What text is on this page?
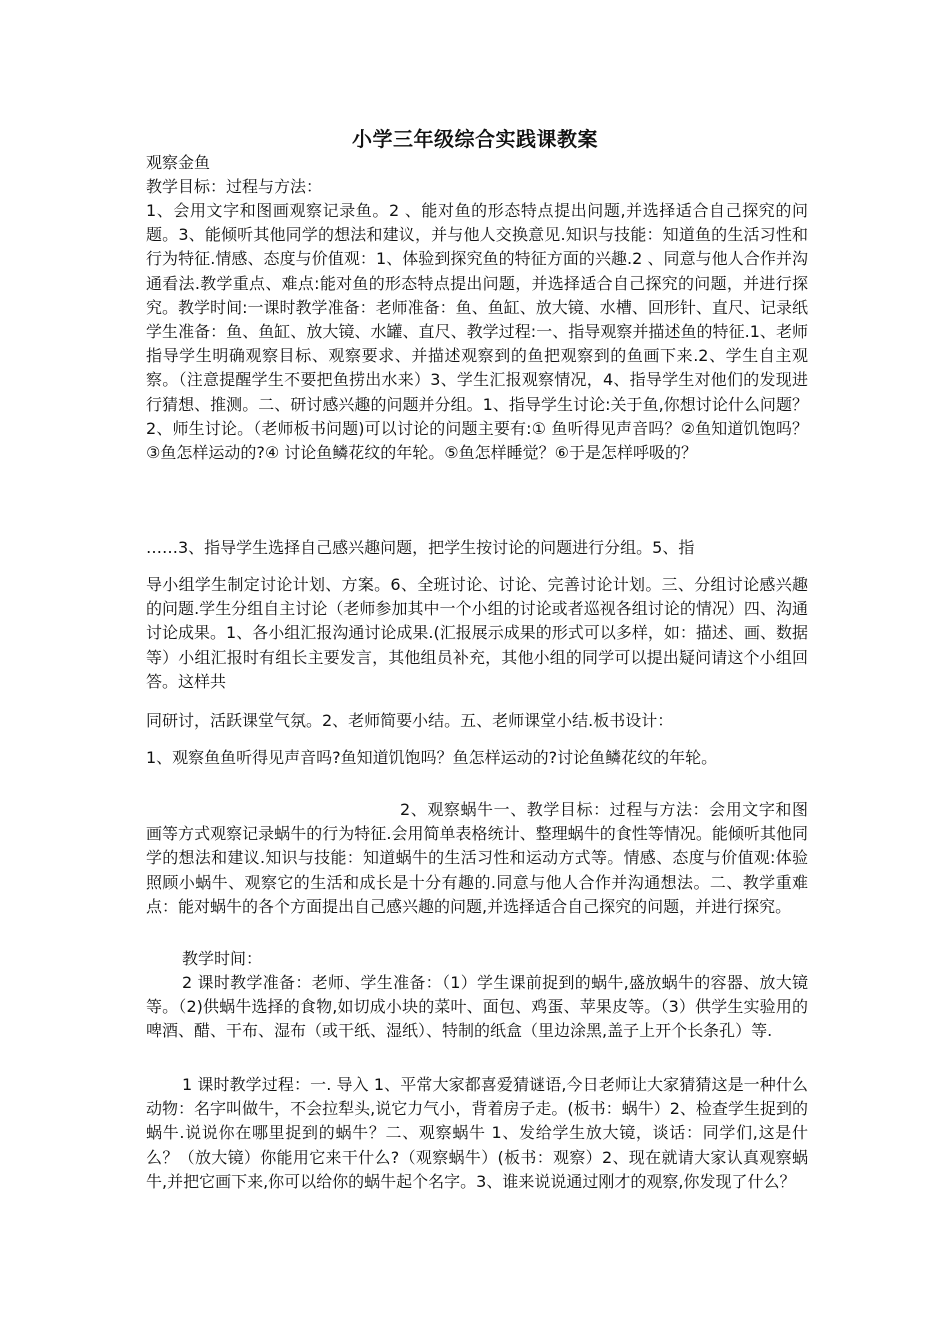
小学三年级综合实践课教案

观察金鱼

教学目标：过程与方法：

1、会用文字和图画观察记录鱼。2 、能对鱼的形态特点提出问题,并选择适合自己探究的问题。3、能倾听其他同学的想法和建议，并与他人交换意见.知识与技能：知道鱼的生活习性和行为特征.情感、态度与价值观：1、体验到探究鱼的特征方面的兴趣.2 、同意与他人合作并沟通看法.教学重点、难点:能对鱼的形态特点提出问题，并选择适合自己探究的问题，并进行探究。教学时间:一课时教学准备：老师准备：鱼、鱼缸、放大镜、水槽、回形针、直尺、记录纸学生准备：鱼、鱼缸、放大镜、水罐、直尺、教学过程:一、指导观察并描述鱼的特征.1、老师指导学生明确观察目标、观察要求、并描述观察到的鱼把观察到的鱼画下来.2、学生自主观察。（注意提醒学生不要把鱼捞出水来）3、学生汇报观察情况，4、指导学生对他们的发现进行猜想、推测。二、研讨感兴趣的问题并分组。1、指导学生讨论:关于鱼,你想讨论什么问题？2、师生讨论。（老师板书问题)可以讨论的问题主要有:① 鱼听得见声音吗？②鱼知道饥饱吗？③鱼怎样运动的?④ 讨论鱼鳞花纹的年轮。⑤鱼怎样睡觉？⑥于是怎样呼吸的？

……3、指导学生选择自己感兴趣问题，把学生按讨论的问题进行分组。5、指

导小组学生制定讨论计划、方案。6、全班讨论、讨论、完善讨论计划。三、分组讨论感兴趣的问题.学生分组自主讨论（老师参加其中一个小组的讨论或者巡视各组讨论的情况）四、沟通讨论成果。1、各小组汇报沟通讨论成果.(汇报展示成果的形式可以多样，如：描述、画、数据等）小组汇报时有组长主要发言，其他组员补充，其他小组的同学可以提出疑问请这个小组回答。这样共

同研讨，活跃课堂气氛。2、老师简要小结。五、老师课堂小结.板书设计：

1、观察鱼鱼听得见声音吗?鱼知道饥饱吗？鱼怎样运动的?讨论鱼鳞花纹的年轮。

2、观察蜗牛一、教学目标：过程与方法：会用文字和图画等方式观察记录蜗牛的行为特征.会用简单表格统计、整理蜗牛的食性等情况。能倾听其他同学的想法和建议.知识与技能：知道蜗牛的生活习性和运动方式等。情感、态度与价值观:体验照顾小蜗牛、观察它的生活和成长是十分有趣的.同意与他人合作并沟通想法。二、教学重难点：能对蜗牛的各个方面提出自己感兴趣的问题,并选择适合自己探究的问题，并进行探究。

教学时间：

2 课时教学准备：老师、学生准备：（1）学生课前捉到的蜗牛,盛放蜗牛的容器、放大镜等。（2)供蜗牛选择的食物,如切成小块的菜叶、面包、鸡蛋、苹果皮等。（3）供学生实验用的啤酒、醋、干布、湿布（或干纸、湿纸）、特制的纸盒（里边涂黑,盖子上开个长条孔）等.

1 课时教学过程：一. 导入 1、平常大家都喜爱猜谜语,今日老师让大家猜猜这是一种什么动物：名字叫做牛，不会拉犁头,说它力气小，背着房子走。(板书：蜗牛）2、检查学生捉到的蜗牛.说说你在哪里捉到的蜗牛？二、观察蜗牛 1、发给学生放大镜，谈话：同学们,这是什么？（放大镜）你能用它来干什么?（观察蜗牛）(板书：观察）2、现在就请大家认真观察蜗牛,并把它画下来,你可以给你的蜗牛起个名字。3、谁来说说通过刚才的观察,你发现了什么？
